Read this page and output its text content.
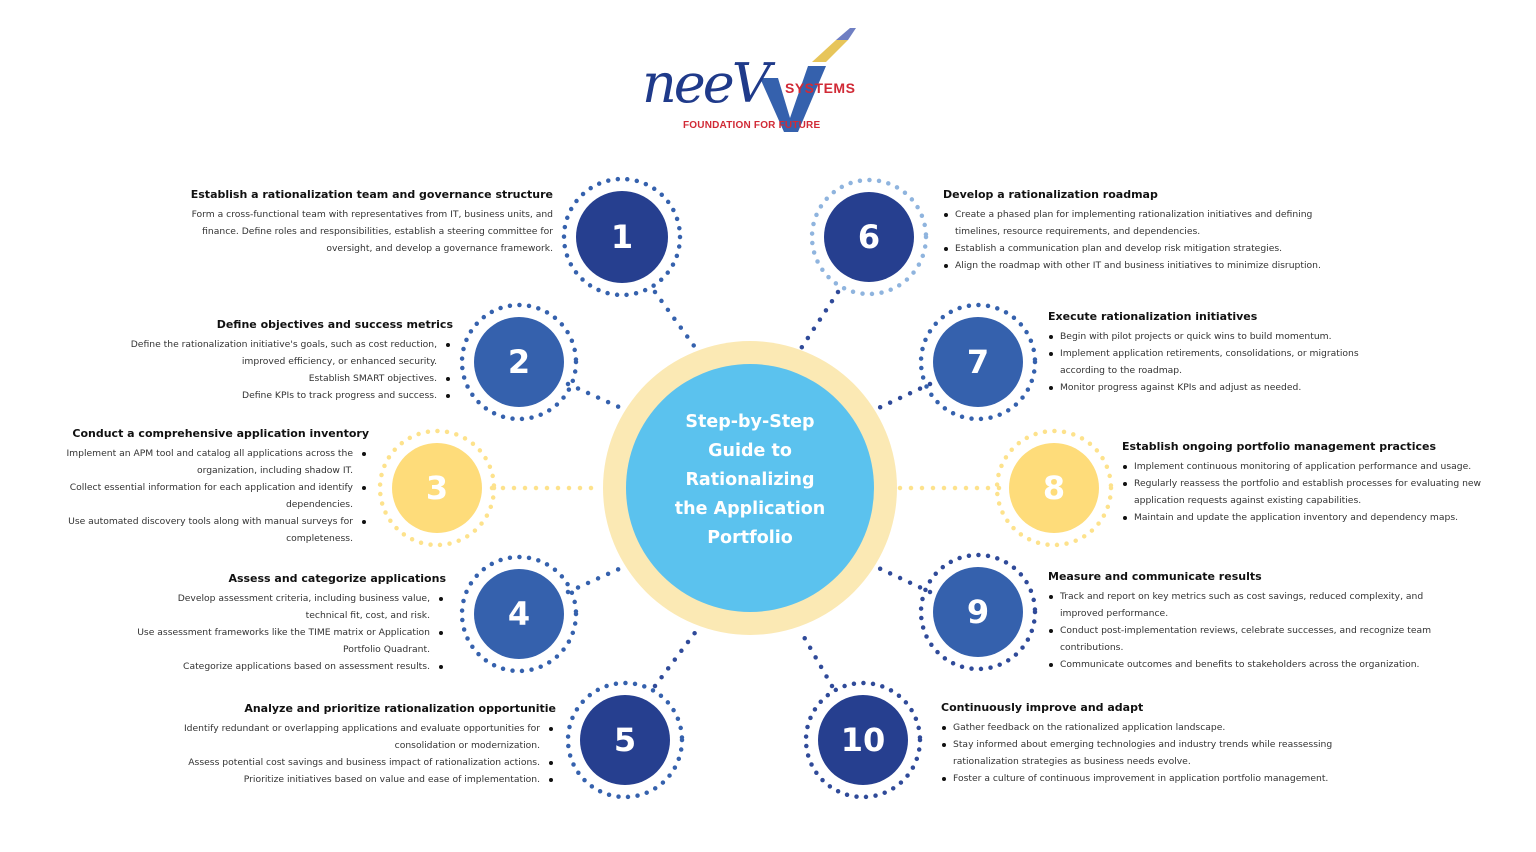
neeV SYSTEMS
FOUNDATION FOR FUTURE
Step-by-Step
Guide to
Rationalizing
the Application
Portfolio
1
2
3
4
5
6
7
8
9
10
Establish a rationalization team and governance structure

Form a cross-functional team with representatives from IT, business units, and

finance. Define roles and responsibilities, establish a steering committee for

oversight, and develop a governance framework.

Define objectives and success metrics
Define the rationalization initiative's goals, such as cost reduction,
improved efficiency, or enhanced security.
Establish SMART objectives.
Define KPIs to track progress and success.
Conduct a comprehensive application inventory
Implement an APM tool and catalog all applications across the
organization, including shadow IT.
Collect essential information for each application and identify
dependencies.
Use automated discovery tools along with manual surveys for
completeness.
Assess and categorize applications
Develop assessment criteria, including business value,
technical fit, cost, and risk.
Use assessment frameworks like the TIME matrix or Application
Portfolio Quadrant.
Categorize applications based on assessment results.
Analyze and prioritize rationalization opportunitie
Identify redundant or overlapping applications and evaluate opportunities for
consolidation or modernization.
Assess potential cost savings and business impact of rationalization actions.
Prioritize initiatives based on value and ease of implementation.
Develop a rationalization roadmap
Create a phased plan for implementing rationalization initiatives and defining
timelines, resource requirements, and dependencies.
Establish a communication plan and develop risk mitigation strategies.
Align the roadmap with other IT and business initiatives to minimize disruption.
Execute rationalization initiatives
Begin with pilot projects or quick wins to build momentum.
Implement application retirements, consolidations, or migrations
according to the roadmap.
Monitor progress against KPIs and adjust as needed.
Establish ongoing portfolio management practices
Implement continuous monitoring of application performance and usage.
Regularly reassess the portfolio and establish processes for evaluating new
application requests against existing capabilities.
Maintain and update the application inventory and dependency maps.
Measure and communicate results
Track and report on key metrics such as cost savings, reduced complexity, and
improved performance.
Conduct post-implementation reviews, celebrate successes, and recognize team
contributions.
Communicate outcomes and benefits to stakeholders across the organization.
Continuously improve and adapt
Gather feedback on the rationalized application landscape.
Stay informed about emerging technologies and industry trends while reassessing
rationalization strategies as business needs evolve.
Foster a culture of continuous improvement in application portfolio management.
